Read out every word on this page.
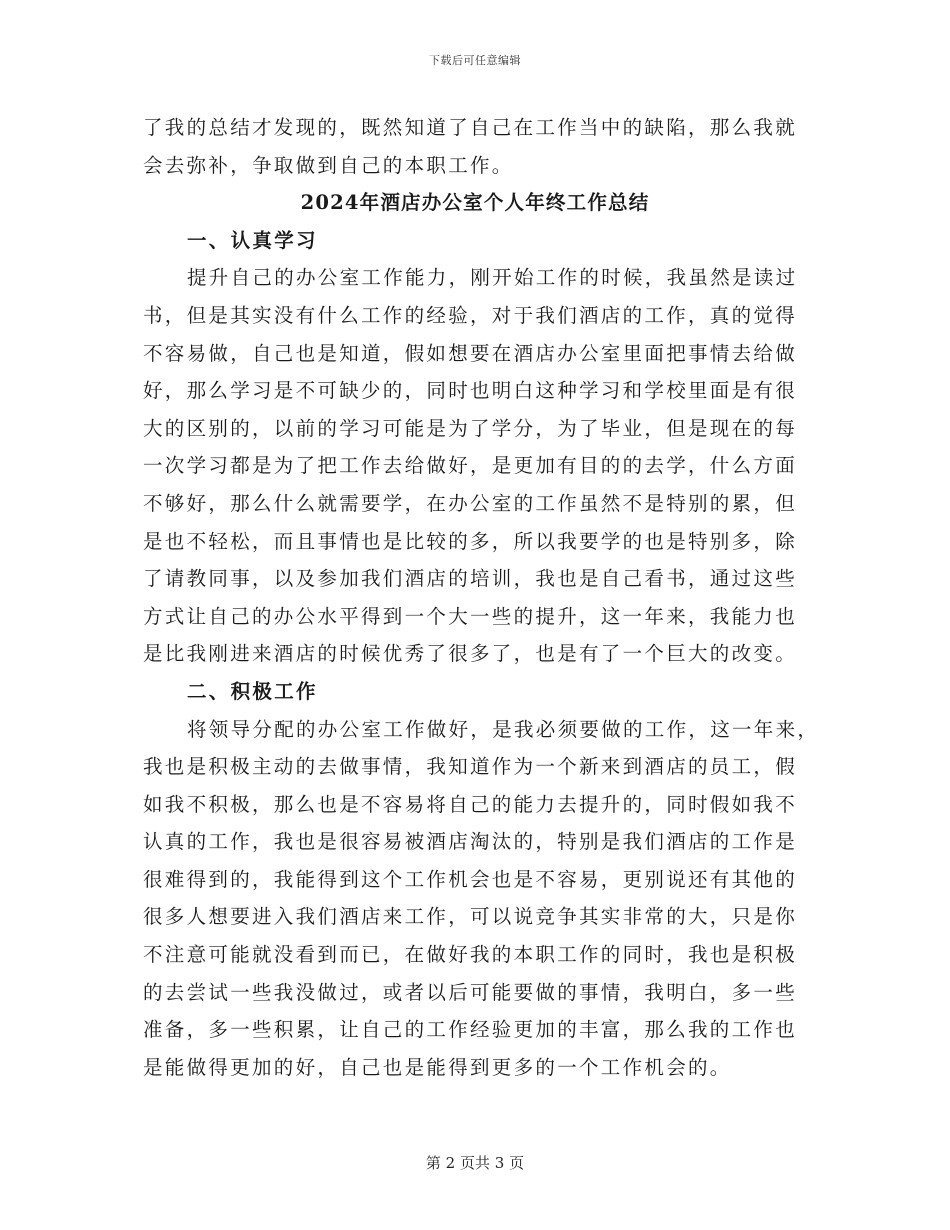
下载后可任意编辑
了我的总结才发现的，既然知道了自己在工作当中的缺陷，那么我就
会去弥补，争取做到自己的本职工作。
2024年酒店办公室个人年终工作总结
一、认真学习
提升自己的办公室工作能力，刚开始工作的时候，我虽然是读过
书，但是其实没有什么工作的经验，对于我们酒店的工作，真的觉得
不容易做，自己也是知道，假如想要在酒店办公室里面把事情去给做
好，那么学习是不可缺少的，同时也明白这种学习和学校里面是有很
大的区别的，以前的学习可能是为了学分，为了毕业，但是现在的每
一次学习都是为了把工作去给做好，是更加有目的的去学，什么方面
不够好，那么什么就需要学，在办公室的工作虽然不是特别的累，但
是也不轻松，而且事情也是比较的多，所以我要学的也是特别多，除
了请教同事，以及参加我们酒店的培训，我也是自己看书，通过这些
方式让自己的办公水平得到一个大一些的提升，这一年来，我能力也
是比我刚进来酒店的时候优秀了很多了，也是有了一个巨大的改变。
二、积极工作
将领导分配的办公室工作做好，是我必须要做的工作，这一年来，
我也是积极主动的去做事情，我知道作为一个新来到酒店的员工，假
如我不积极，那么也是不容易将自己的能力去提升的，同时假如我不
认真的工作，我也是很容易被酒店淘汰的，特别是我们酒店的工作是
很难得到的，我能得到这个工作机会也是不容易，更别说还有其他的
很多人想要进入我们酒店来工作，可以说竞争其实非常的大，只是你
不注意可能就没看到而已，在做好我的本职工作的同时，我也是积极
的去尝试一些我没做过，或者以后可能要做的事情，我明白，多一些
准备，多一些积累，让自己的工作经验更加的丰富，那么我的工作也
是能做得更加的好，自己也是能得到更多的一个工作机会的。
第 2 页共 3 页
